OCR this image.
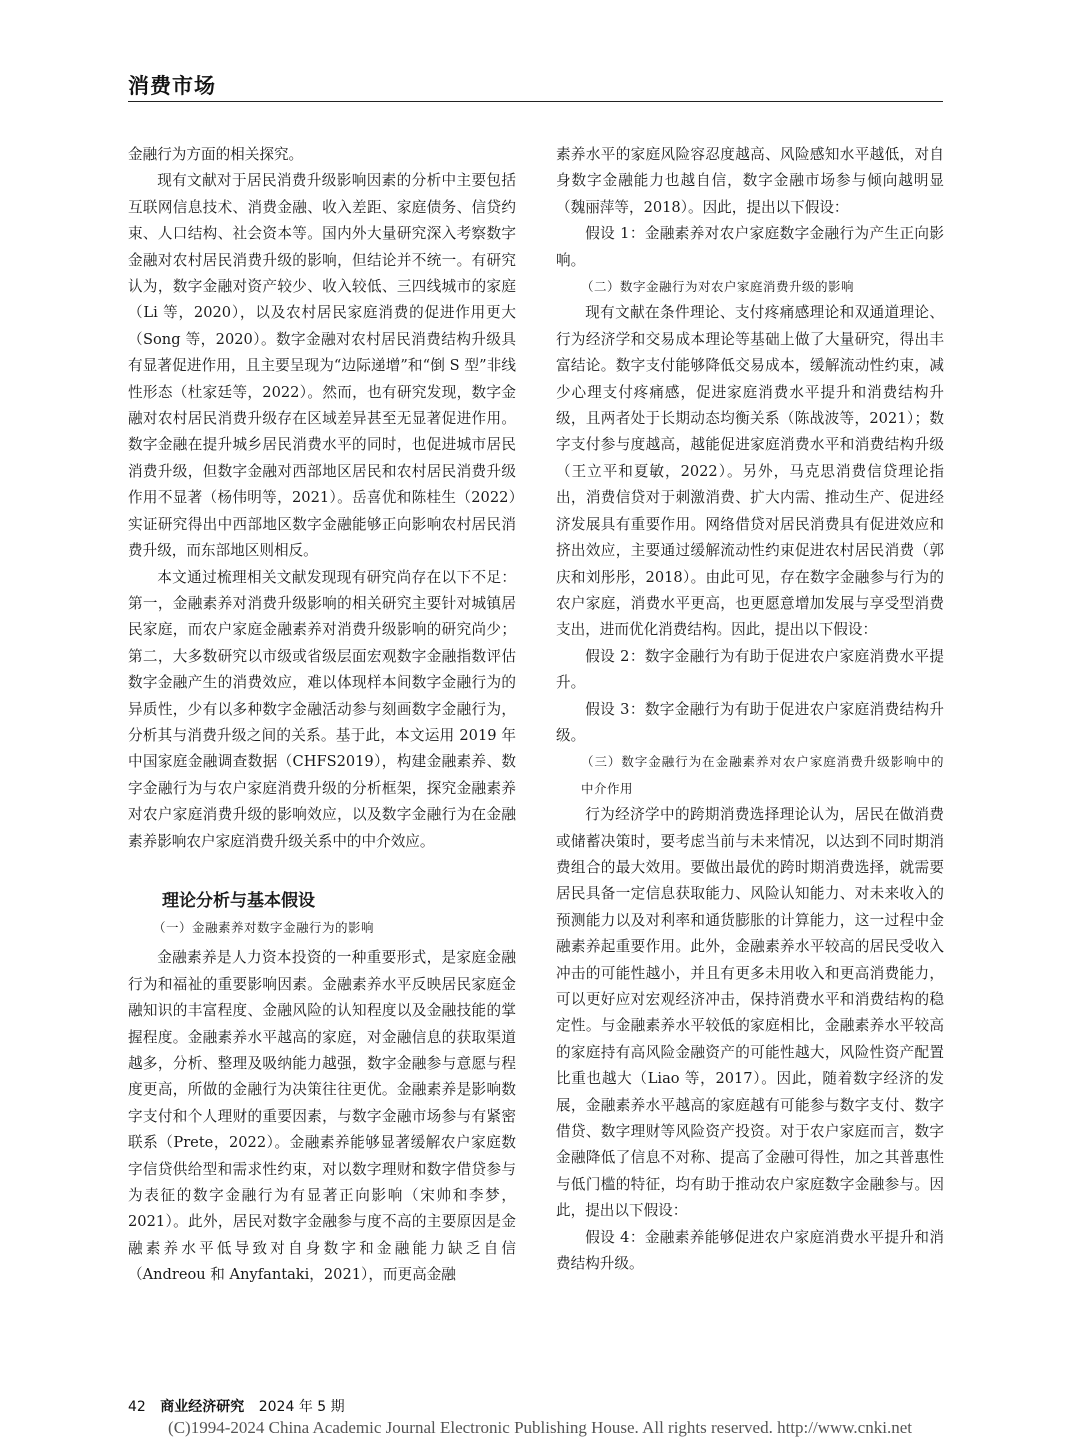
消费市场

金融行为方面的相关探究。

现有文献对于居民消费升级影响因素的分析中主要包括互联网信息技术、消费金融、收入差距、家庭债务、信贷约束、人口结构、社会资本等。国内外大量研究深入考察数字金融对农村居民消费升级的影响，但结论并不统一。有研究认为，数字金融对资产较少、收入较低、三四线城市的家庭（Li 等，2020），以及农村居民家庭消费的促进作用更大（Song 等，2020）。数字金融对农村居民消费结构升级具有显著促进作用，且主要呈现为“边际递增”和“倒 S 型”非线性形态（杜家廷等，2022）。然而，也有研究发现，数字金融对农村居民消费升级存在区域差异甚至无显著促进作用。数字金融在提升城乡居民消费水平的同时，也促进城市居民消费升级，但数字金融对西部地区居民和农村居民消费升级作用不显著（杨伟明等，2021）。岳喜优和陈桂生（2022）实证研究得出中西部地区数字金融能够正向影响农村居民消费升级，而东部地区则相反。

本文通过梳理相关文献发现现有研究尚存在以下不足：第一，金融素养对消费升级影响的相关研究主要针对城镇居民家庭，而农户家庭金融素养对消费升级影响的研究尚少；第二，大多数研究以市级或省级层面宏观数字金融指数评估数字金融产生的消费效应，难以体现样本间数字金融行为的异质性，少有以多种数字金融活动参与刻画数字金融行为，分析其与消费升级之间的关系。基于此，本文运用 2019 年中国家庭金融调查数据（CHFS2019），构建金融素养、数字金融行为与农户家庭消费升级的分析框架，探究金融素养对农户家庭消费升级的影响效应，以及数字金融行为在金融素养影响农户家庭消费升级关系中的中介效应。

理论分析与基本假设
（一）金融素养对数字金融行为的影响

金融素养是人力资本投资的一种重要形式，是家庭金融行为和福祉的重要影响因素。金融素养水平反映居民家庭金融知识的丰富程度、金融风险的认知程度以及金融技能的掌握程度。金融素养水平越高的家庭，对金融信息的获取渠道越多，分析、整理及吸纳能力越强，数字金融参与意愿与程度更高，所做的金融行为决策往往更优。金融素养是影响数字支付和个人理财的重要因素，与数字金融市场参与有紧密联系（Prete，2022）。金融素养能够显著缓解农户家庭数字信贷供给型和需求性约束，对以数字理财和数字借贷参与为表征的数字金融行为有显著正向影响（宋帅和李梦，2021）。此外，居民对数字金融参与度不高的主要原因是金融素养水平低导致对自身数字和金融能力缺乏自信（Andreou 和 Anyfantaki，2021），而更高金融

素养水平的家庭风险容忍度越高、风险感知水平越低，对自身数字金融能力也越自信，数字金融市场参与倾向越明显（魏丽萍等，2018）。因此，提出以下假设：

假设 1：金融素养对农户家庭数字金融行为产生正向影响。

（二）数字金融行为对农户家庭消费升级的影响

现有文献在条件理论、支付疼痛感理论和双通道理论、行为经济学和交易成本理论等基础上做了大量研究，得出丰富结论。数字支付能够降低交易成本，缓解流动性约束，减少心理支付疼痛感，促进家庭消费水平提升和消费结构升级，且两者处于长期动态均衡关系（陈战波等，2021）；数字支付参与度越高，越能促进家庭消费水平和消费结构升级（王立平和夏敏，2022）。另外，马克思消费信贷理论指出，消费信贷对于刺激消费、扩大内需、推动生产、促进经济发展具有重要作用。网络借贷对居民消费具有促进效应和挤出效应，主要通过缓解流动性约束促进农村居民消费（郭庆和刘彤彤，2018）。由此可见，存在数字金融参与行为的农户家庭，消费水平更高，也更愿意增加发展与享受型消费支出，进而优化消费结构。因此，提出以下假设：

假设 2：数字金融行为有助于促进农户家庭消费水平提升。

假设 3：数字金融行为有助于促进农户家庭消费结构升级。

（三）数字金融行为在金融素养对农户家庭消费升级影响中的中介作用

行为经济学中的跨期消费选择理论认为，居民在做消费或储蓄决策时，要考虑当前与未来情况，以达到不同时期消费组合的最大效用。要做出最优的跨时期消费选择，就需要居民具备一定信息获取能力、风险认知能力、对未来收入的预测能力以及对利率和通货膨胀的计算能力，这一过程中金融素养起重要作用。此外，金融素养水平较高的居民受收入冲击的可能性越小，并且有更多未用收入和更高消费能力，可以更好应对宏观经济冲击，保持消费水平和消费结构的稳定性。与金融素养水平较低的家庭相比，金融素养水平较高的家庭持有高风险金融资产的可能性越大，风险性资产配置比重也越大（Liao 等，2017）。因此，随着数字经济的发展，金融素养水平越高的家庭越有可能参与数字支付、数字借贷、数字理财等风险资产投资。对于农户家庭而言，数字金融降低了信息不对称、提高了金融可得性，加之其普惠性与低门槛的特征，均有助于推动农户家庭数字金融参与。因此，提出以下假设：

假设 4：金融素养能够促进农户家庭消费水平提升和消费结构升级。

42 商业经济研究 2024 年 5 期
(C)1994-2024 China Academic Journal Electronic Publishing House. All rights reserved. http://www.cnki.net
